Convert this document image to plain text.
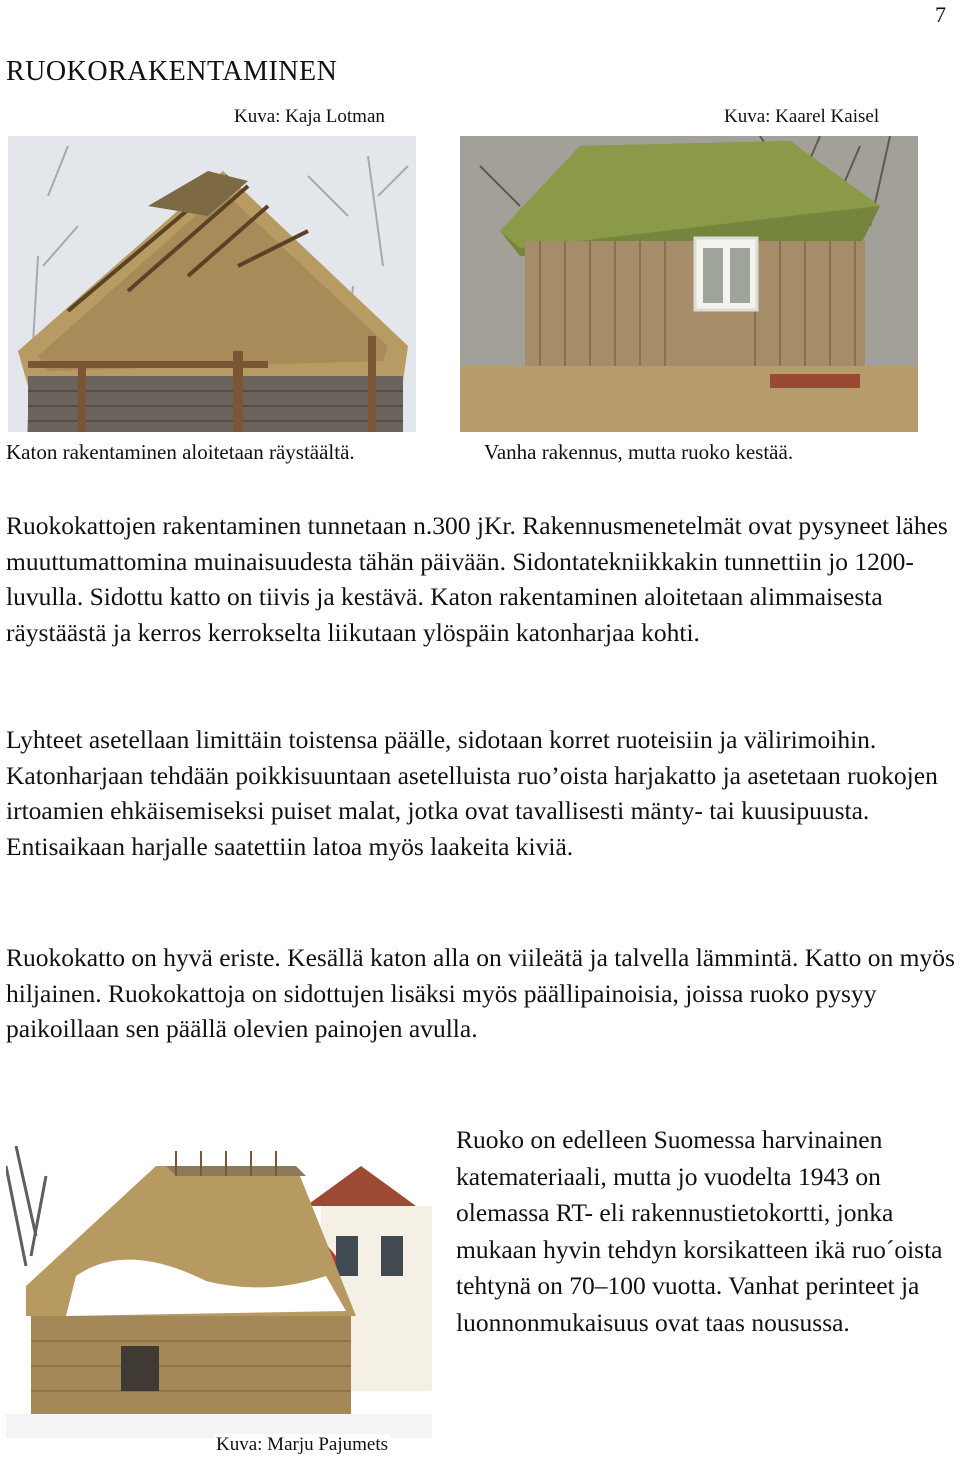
7
RUOKORAKENTAMINEN
Kuva: Kaja Lotman	Kuva: Kaarel Kaisel
Katon rakentaminen aloitetaan räystäältä.	Vanha rakennus, mutta ruoko kestää.

Ruokokattojen rakentaminen tunnetaan n.300 jKr. Rakennusmenetelmät ovat pysyneet lähes muuttumattomina muinaisuudesta tähän päivään. Sidontatekniikkakin tunnettiin jo 1200-luvulla. Sidottu katto on tiivis ja kestävä. Katon rakentaminen aloitetaan alimmaisesta räystäästä ja kerros kerrokselta liikutaan ylöspäin katonharjaa kohti.

Lyhteet asetellaan limittäin toistensa päälle, sidotaan korret ruoteisiin ja välirimoihin. Katonharjaan tehdään poikkisuuntaan asetelluista ruo’oista harjakatto ja asetetaan ruokojen irtoamien ehkäisemiseksi puiset malat, jotka ovat tavallisesti mänty- tai kuusipuusta. Entisaikaan harjalle saatettiin latoa myös laakeita kiviä.

Ruokokatto on hyvä eriste. Kesällä katon alla on viileätä ja talvella lämmintä. Katto on myös hiljainen. Ruokokattoja on sidottujen lisäksi myös päällipainoisia, joissa ruoko pysyy paikoillaan sen päällä olevien painojen avulla.

Kuva: Marju Pajumets

Ruoko on edelleen Suomessa harvinainen katemateriaali, mutta jo vuodelta 1943 on olemassa RT- eli rakennustietokortti, jonka mukaan hyvin tehdyn korsikatteen ikä ruo´oista tehtynä on 70–100 vuotta. Vanhat perinteet ja luonnonmukaisuus ovat taas nousussa.
